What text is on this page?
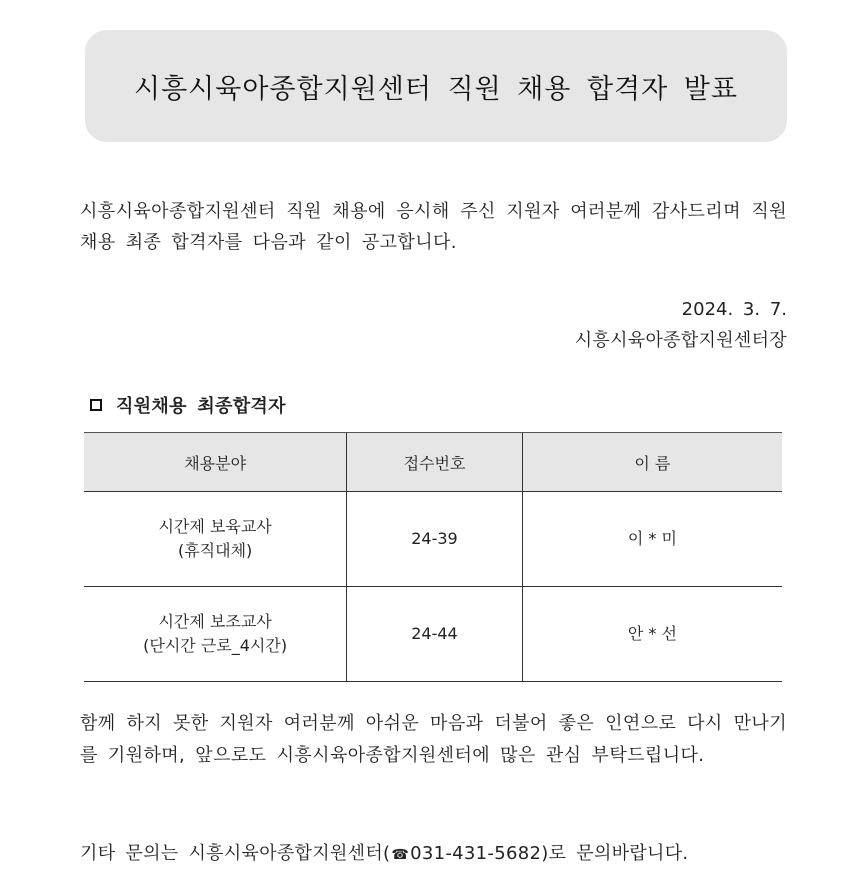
시흥시육아종합지원센터 직원 채용 합격자 발표
시흥시육아종합지원센터 직원 채용에 응시해 주신 지원자 여러분께 감사드리며 직원 채용 최종 합격자를 다음과 같이 공고합니다.
2024. 3. 7.
시흥시육아종합지원센터장
직원채용 최종합격자
채용분야	접수번호	이 름

시간제 보육교사
(휴직대체)	24-39	이 * 미

시간제 보조교사
(단시간 근로_4시간)	24-44	안 * 선
함께 하지 못한 지원자 여러분께 아쉬운 마음과 더불어 좋은 인연으로 다시 만나기를 기원하며, 앞으로도 시흥시육아종합지원센터에 많은 관심 부탁드립니다.
기타 문의는 시흥시육아종합지원센터(☎031-431-5682)로 문의바랍니다.
